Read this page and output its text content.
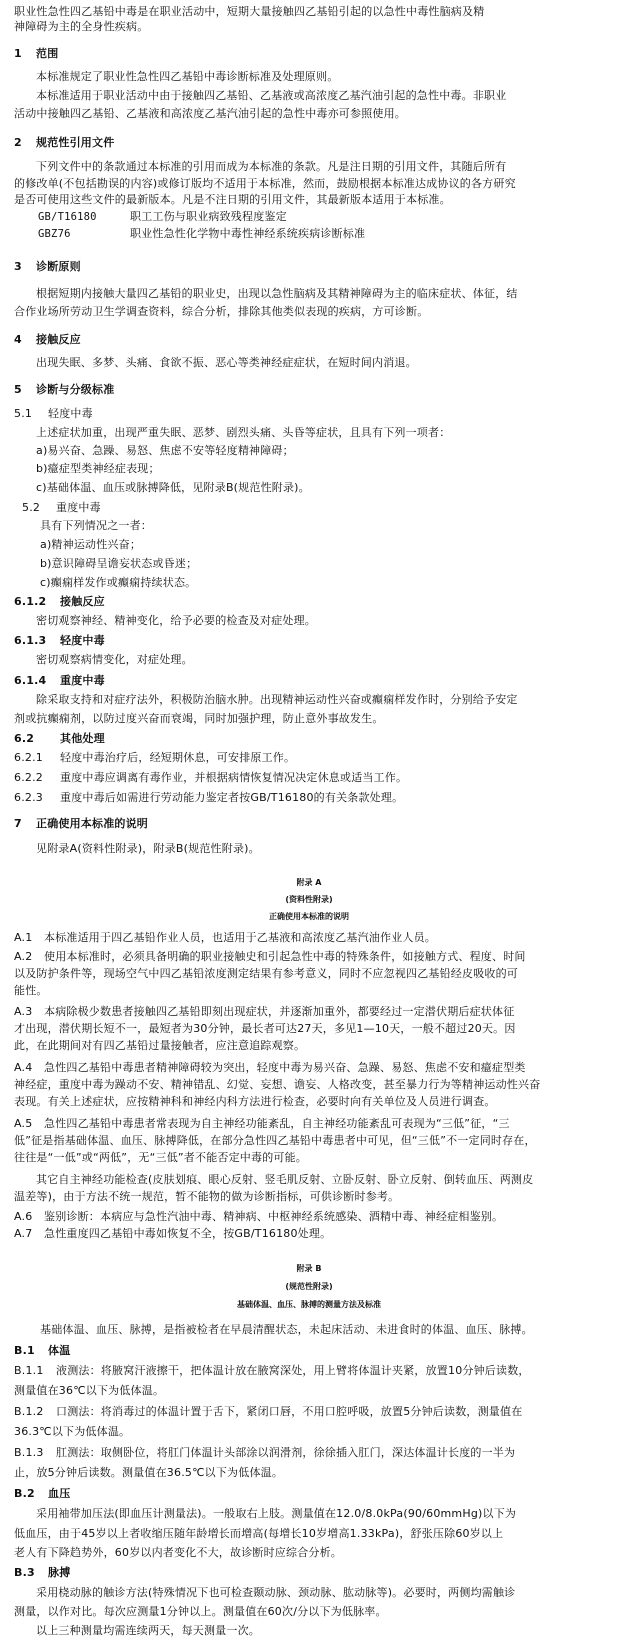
职业性急性四乙基铅中毒是在职业活动中，短期大量接触四乙基铅引起的以急性中毒性脑病及精
神障碍为主的全身性疾病。
1 范围
本标准规定了职业性急性四乙基铅中毒诊断标准及处理原则。
本标准适用于职业活动中由于接触四乙基铅、乙基液或高浓度乙基汽油引起的急性中毒。非职业
活动中接触四乙基铅、乙基液和高浓度乙基汽油引起的急性中毒亦可参照使用。
2 规范性引用文件
下列文件中的条款通过本标准的引用而成为本标准的条款。凡是注日期的引用文件，其随后所有
的修改单(不包括勘误的内容)或修订版均不适用于本标准，然而，鼓励根据本标准达成协议的各方研究
是否可使用这些文件的最新版本。凡是不注日期的引用文件，其最新版本适用于本标准。
GB/T16180	职工工伤与职业病致残程度鉴定
GBZ76	职业性急性化学物中毒性神经系统疾病诊断标准
3 诊断原则
根据短期内接触大量四乙基铅的职业史，出现以急性脑病及其精神障碍为主的临床症状、体征，结
合作业场所劳动卫生学调查资料，综合分析，排除其他类似表现的疾病，方可诊断。
4 接触反应
出现失眠、多梦、头痛、食欲不振、恶心等类神经症症状，在短时间内消退。
5 诊断与分级标准
5.1 轻度中毒
上述症状加重，出现严重失眠、恶梦、剧烈头痛、头昏等症状，且具有下列一项者：
a)易兴奋、急躁、易怒、焦虑不安等轻度精神障碍；
b)癔症型类神经症表现；
c)基础体温、血压或脉搏降低，见附录B(规范性附录)。
5.2 重度中毒
具有下列情况之一者：
a)精神运动性兴奋；
b)意识障碍呈谵妄状态或昏迷；
c)癫痫样发作或癫痫持续状态。
6.1.2 接触反应
密切观察神经、精神变化，给予必要的检查及对症处理。
6.1.3 轻度中毒
密切观察病情变化，对症处理。
6.1.4 重度中毒
除采取支持和对症疗法外，积极防治脑水肿。出现精神运动性兴奋或癫痫样发作时，分别给予安定
剂或抗癫痫剂，以防过度兴奋而衰竭，同时加强护理，防止意外事故发生。
6.2 其他处理
6.2.1 轻度中毒治疗后，经短期休息，可安排原工作。
6.2.2 重度中毒应调离有毒作业，并根据病情恢复情况决定休息或适当工作。
6.2.3 重度中毒后如需进行劳动能力鉴定者按GB/T16180的有关条款处理。
7 正确使用本标准的说明
见附录A(资料性附录)，附录B(规范性附录)。
附录 A
(资料性附录)
正确使用本标准的说明
A.1 本标准适用于四乙基铅作业人员，也适用于乙基液和高浓度乙基汽油作业人员。
A.2 使用本标准时，必须具备明确的职业接触史和引起急性中毒的特殊条件，如接触方式、程度、时间
以及防护条件等，现场空气中四乙基铅浓度测定结果有参考意义，同时不应忽视四乙基铅经皮吸收的可
能性。
A.3 本病除极少数患者接触四乙基铅即刻出现症状，并逐渐加重外，都要经过一定潜伏期后症状体征
才出现，潜伏期长短不一，最短者为30分钟，最长者可达27天，多见1—10天，一般不超过20天。因
此，在此期间对有四乙基铅过量接触者，应注意追踪观察。
A.4 急性四乙基铅中毒患者精神障碍较为突出，轻度中毒为易兴奋、急躁、易怒、焦虑不安和癔症型类
神经症，重度中毒为躁动不安、精神错乱、幻觉、妄想、谵妄、人格改变，甚至暴力行为等精神运动性兴奋
表现。有关上述症状，应按精神科和神经内科方法进行检查，必要时向有关单位及人员进行调查。
A.5 急性四乙基铅中毒患者常表现为自主神经功能紊乱，自主神经功能紊乱可表现为“三低”征，“三
低”征是指基础体温、血压、脉搏降低，在部分急性四乙基铅中毒患者中可见，但“三低”不一定同时存在，
往往是“一低”或“两低”，无“三低”者不能否定中毒的可能。
其它自主神经功能检查(皮肤划痕、眼心反射、竖毛肌反射、立卧反射、卧立反射、倒转血压、两测皮
温差等)，由于方法不统一规范，暂不能物的做为诊断指标，可供诊断时参考。
A.6 鉴别诊断：本病应与急性汽油中毒、精神病、中枢神经系统感染、酒精中毒、神经症相鉴别。
A.7 急性重度四乙基铅中毒如恢复不全，按GB/T16180处理。
附录 B
(规范性附录)
基础体温、血压、脉搏的测量方法及标准
基础体温、血压、脉搏，是指被检者在早晨清醒状态，未起床活动、未进食时的体温、血压、脉搏。
B.1 体温
B.1.1 液测法：将腋窝汗液擦干，把体温计放在腋窝深处，用上臂将体温计夹紧，放置10分钟后读数，
测量值在36℃以下为低体温。
B.1.2 口测法：将消毒过的体温计置于舌下，紧闭口唇，不用口腔呼吸，放置5分钟后读数，测量值在
36.3℃以下为低体温。
B.1.3 肛测法：取侧卧位，将肛门体温计头部涂以润滑剂，徐徐插入肛门，深达体温计长度的一半为
止，放5分钟后读数。测量值在36.5℃以下为低体温。
B.2 血压
采用袖带加压法(即血压计测量法)。一般取右上肢。测量值在12.0/8.0kPa(90/60mmHg)以下为
低血压，由于45岁以上者收缩压随年龄增长而增高(每增长10岁增高1.33kPa)，舒张压除60岁以上
老人有下降趋势外，60岁以内者变化不大，故诊断时应综合分析。
B.3 脉搏
采用桡动脉的触诊方法(特殊情况下也可检查颞动脉、颈动脉、肱动脉等)。必要时，两侧均需触诊
测量，以作对比。每次应测量1分钟以上。测量值在60次/分以下为低脉率。
以上三种测量均需连续两天，每天测量一次。
